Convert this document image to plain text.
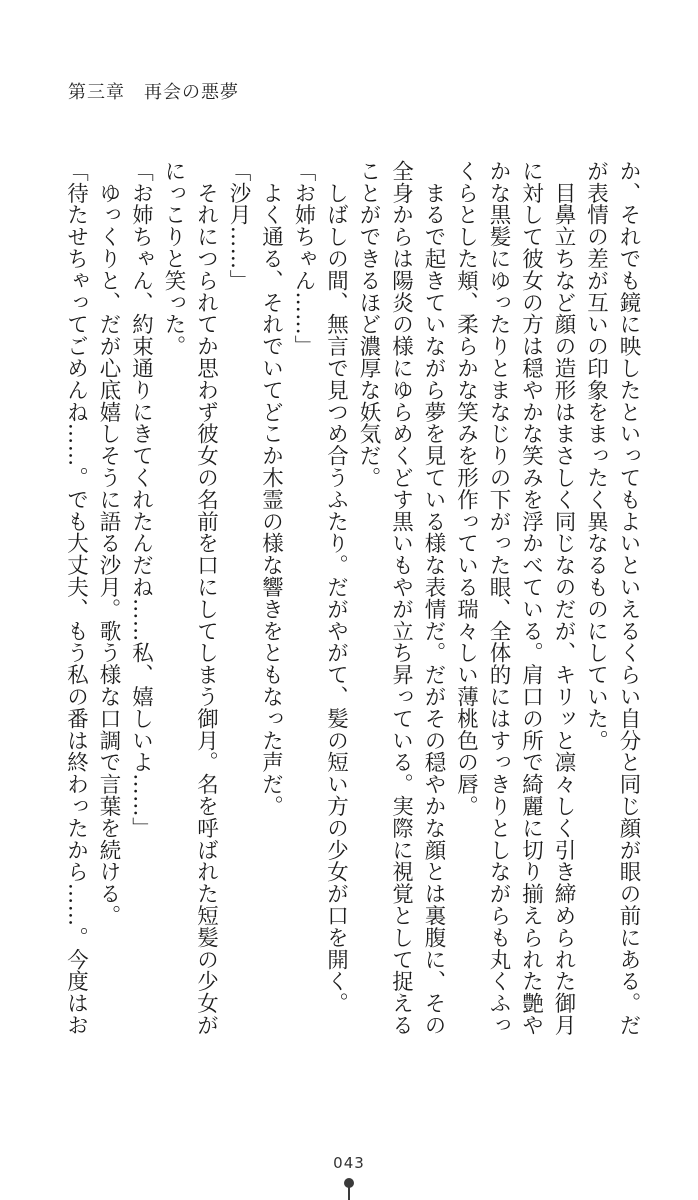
第三章　再会の悪夢
か、それでも鏡に映したといってもよいといえるくらい自分と同じ顔が眼の前にある。だ
が表情の差が互いの印象をまったく異なるものにしていた。
　目鼻立ちなど顔の造形はまさしく同じなのだが、キリッと凛々しく引き締められた御月
に対して彼女の方は穏やかな笑みを浮かべている。肩口の所で綺麗に切り揃えられた艶や
かな黒髪にゆったりとまなじりの下がった眼、全体的にはすっきりとしながらも丸くふっ
くらとした頬、柔らかな笑みを形作っている瑞々しい薄桃色の唇。
　まるで起きていながら夢を見ている様な表情だ。だがその穏やかな顔とは裏腹に、その
全身からは陽炎の様にゆらめくどす黒いもやが立ち昇っている。実際に視覚として捉える
ことができるほど濃厚な妖気だ。
　しばしの間、無言で見つめ合うふたり。だがやがて、髪の短い方の少女が口を開く。
「お姉ちゃん……」
　よく通る、それでいてどこか木霊の様な響きをともなった声だ。
「沙月……」
　それにつられてか思わず彼女の名前を口にしてしまう御月。名を呼ばれた短髪の少女が
にっこりと笑った。
「お姉ちゃん、約束通りにきてくれたんだね……私、嬉しいよ……」
　ゆっくりと、だが心底嬉しそうに語る沙月。歌う様な口調で言葉を続ける。
「待たせちゃってごめんね……。でも大丈夫、もう私の番は終わったから……。今度はお
043
